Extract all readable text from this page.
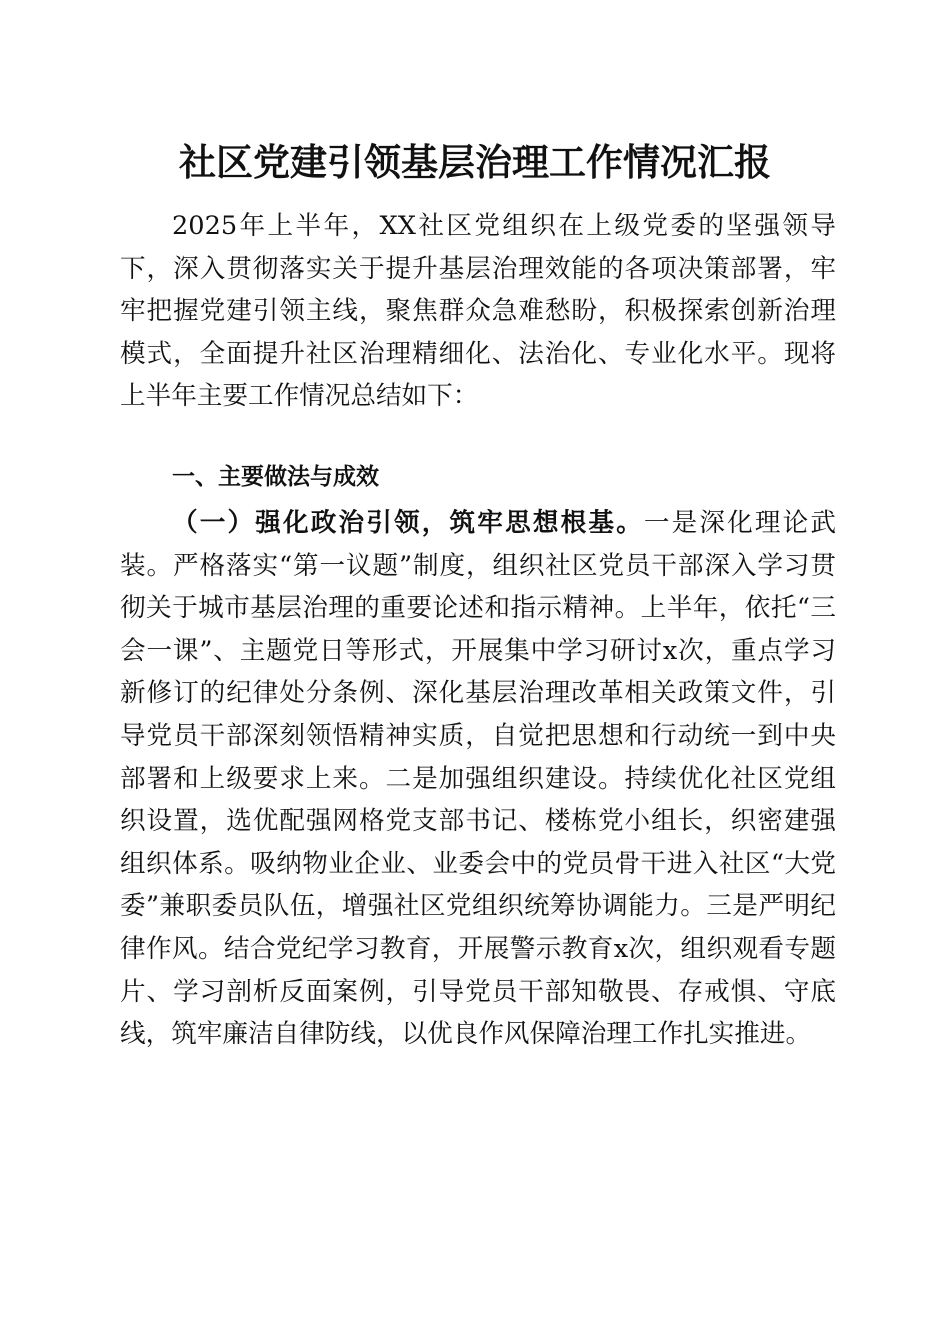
社区党建引领基层治理工作情况汇报

2025年上半年，XX社区党组织在上级党委的坚强领导下，深入贯彻落实关于提升基层治理效能的各项决策部署，牢牢把握党建引领主线，聚焦群众急难愁盼，积极探索创新治理模式，全面提升社区治理精细化、法治化、专业化水平。现将上半年主要工作情况总结如下：

一、主要做法与成效

（一）强化政治引领，筑牢思想根基。一是深化理论武装。严格落实“第一议题”制度，组织社区党员干部深入学习贯彻关于城市基层治理的重要论述和指示精神。上半年，依托“三会一课”、主题党日等形式，开展集中学习研讨x次，重点学习新修订的纪律处分条例、深化基层治理改革相关政策文件，引导党员干部深刻领悟精神实质，自觉把思想和行动统一到中央部署和上级要求上来。二是加强组织建设。持续优化社区党组织设置，选优配强网格党支部书记、楼栋党小组长，织密建强组织体系。吸纳物业企业、业委会中的党员骨干进入社区“大党委”兼职委员队伍，增强社区党组织统筹协调能力。三是严明纪律作风。结合党纪学习教育，开展警示教育x次，组织观看专题片、学习剖析反面案例，引导党员干部知敬畏、存戒惧、守底线，筑牢廉洁自律防线，以优良作风保障治理工作扎实推进。
